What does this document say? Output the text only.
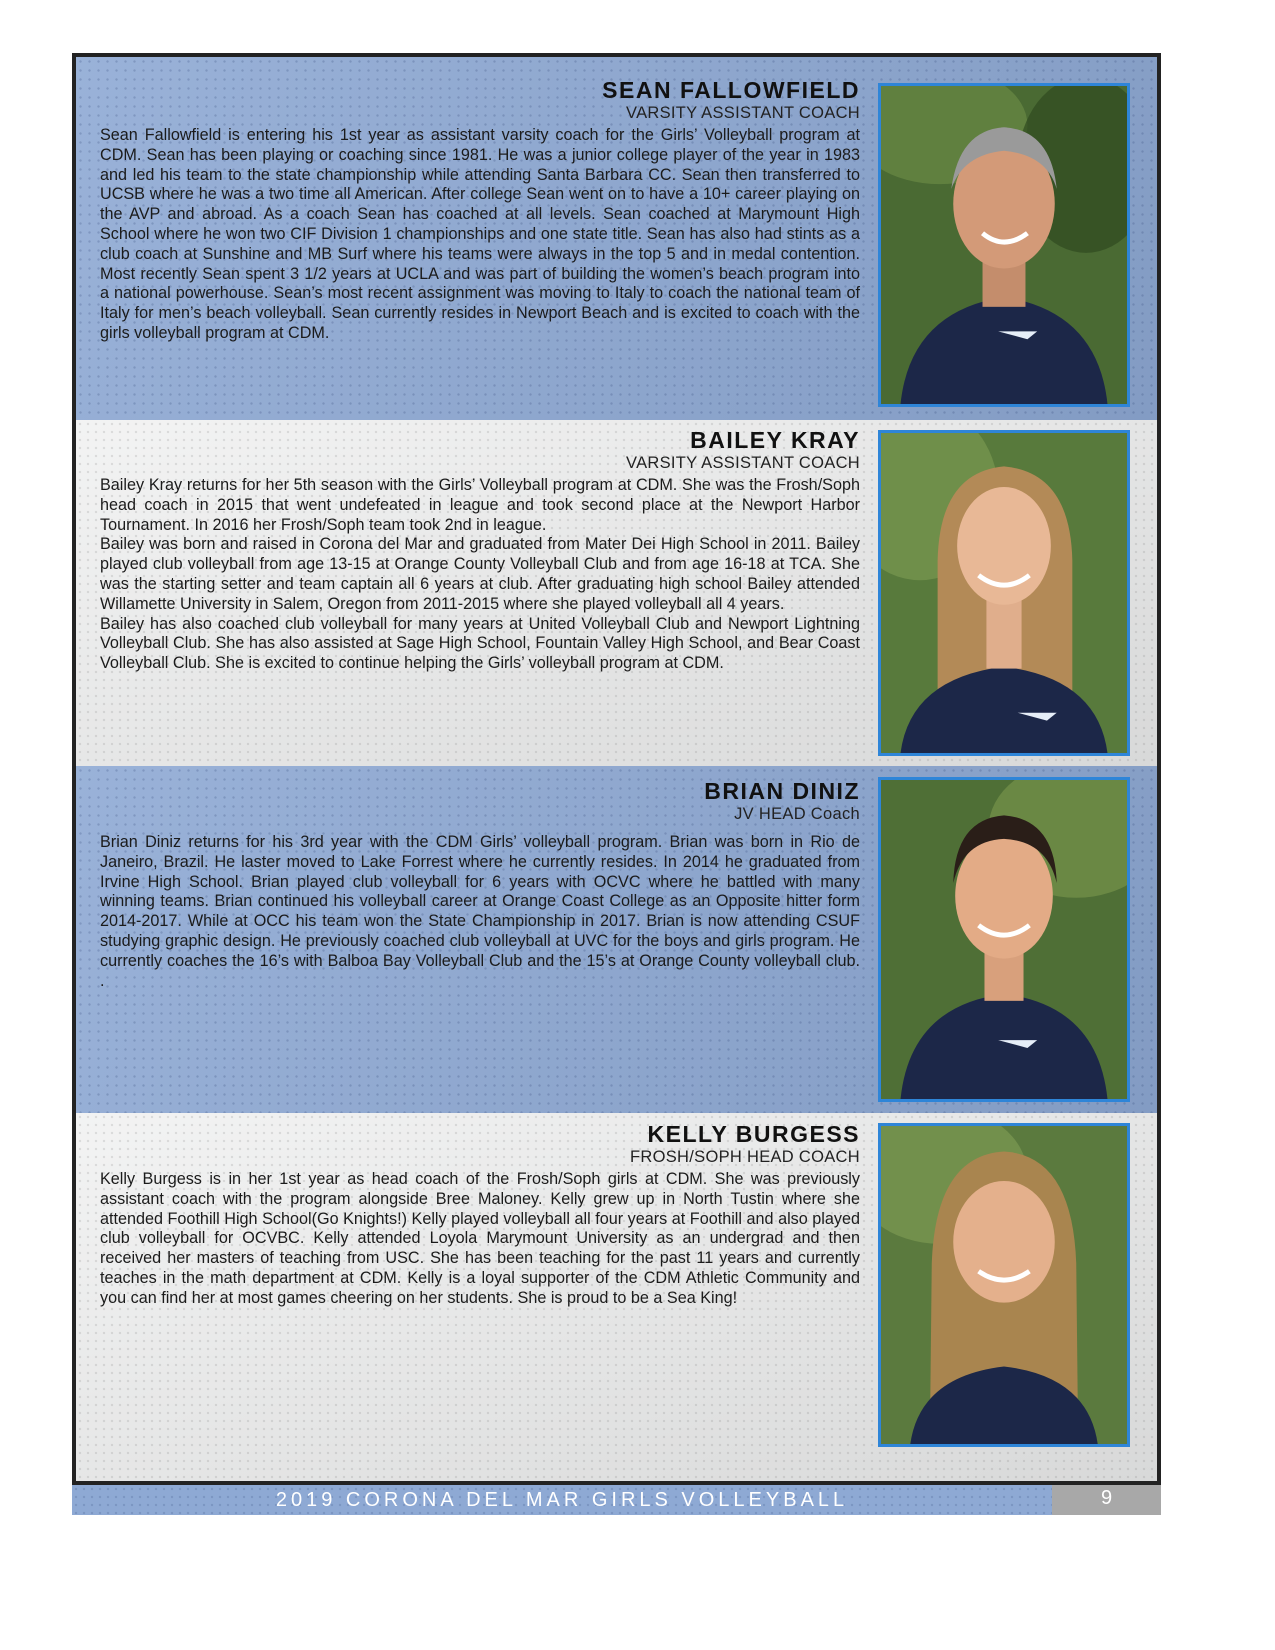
SEAN FALLOWFIELD
VARSITY ASSISTANT COACH
Sean Fallowfield is entering his 1st year as assistant varsity coach for the Girls’ Volleyball program at CDM. Sean has been playing or coaching since 1981. He was a junior college player of the year in 1983 and led his team to the state championship while attending Santa Barbara CC. Sean then transferred to UCSB where he was a two time all American. After college Sean went on to have a 10+ career playing on the AVP and abroad. As a coach Sean has coached at all levels. Sean coached at Marymount High School where he won two CIF Division 1 championships and one state title. Sean has also had stints as a club coach at Sunshine and MB Surf where his teams were always in the top 5 and in medal contention. Most recently Sean spent 3 1/2 years at UCLA and was part of building the women’s beach program into a national powerhouse. Sean’s most recent assignment was moving to Italy to coach the national team of Italy for men’s beach volleyball. Sean currently resides in Newport Beach and is excited to coach with the girls volleyball program at CDM.
BAILEY KRAY
VARSITY ASSISTANT COACH
Bailey Kray returns for her 5th season with the Girls’ Volleyball program at CDM. She was the Frosh/Soph head coach in 2015 that went undefeated in league and took second place at the Newport Harbor Tournament. In 2016 her Frosh/Soph team took 2nd in league.
Bailey was born and raised in Corona del Mar and graduated from Mater Dei High School in 2011. Bailey played club volleyball from age 13-15 at Orange County Volleyball Club and from age 16-18 at TCA. She was the starting setter and team captain all 6 years at club. After graduating high school Bailey attended Willamette University in Salem, Oregon from 2011-2015 where she played volleyball all 4 years.
Bailey has also coached club volleyball for many years at United Volleyball Club and Newport Lightning Volleyball Club. She has also assisted at Sage High School, Fountain Valley High School, and Bear Coast Volleyball Club. She is excited to continue helping the Girls’ volleyball program at CDM.
BRIAN DINIZ
JV HEAD Coach
Brian Diniz returns for his 3rd year with the CDM Girls’ volleyball program. Brian was born in Rio de Janeiro, Brazil. He laster moved to Lake Forrest where he currently resides. In 2014 he graduated from Irvine High School. Brian played club volleyball for 6 years with OCVC where he battled with many winning teams. Brian continued his volleyball career at Orange Coast College as an Opposite hitter form 2014-2017. While at OCC his team won the State Championship in 2017. Brian is now attending CSUF studying graphic design. He previously coached club volleyball at UVC for the boys and girls program. He currently coaches the 16’s with Balboa Bay Volleyball Club and the 15’s at Orange County volleyball club. .
KELLY BURGESS
FROSH/SOPH HEAD COACH
Kelly Burgess is in her 1st year as head coach of the Frosh/Soph girls at CDM. She was previously assistant coach with the program alongside Bree Maloney. Kelly grew up in North Tustin where she attended Foothill High School(Go Knights!) Kelly played volleyball all four years at Foothill and also played club volleyball for OCVBC. Kelly attended Loyola Marymount University as an undergrad and then received her masters of teaching from USC. She has been teaching for the past 11 years and currently teaches in the math department at CDM. Kelly is a loyal supporter of the CDM Athletic Community and you can find her at most games cheering on her students. She is proud to be a Sea King!
2019 CORONA DEL MAR GIRLS VOLLEYBALL	9
